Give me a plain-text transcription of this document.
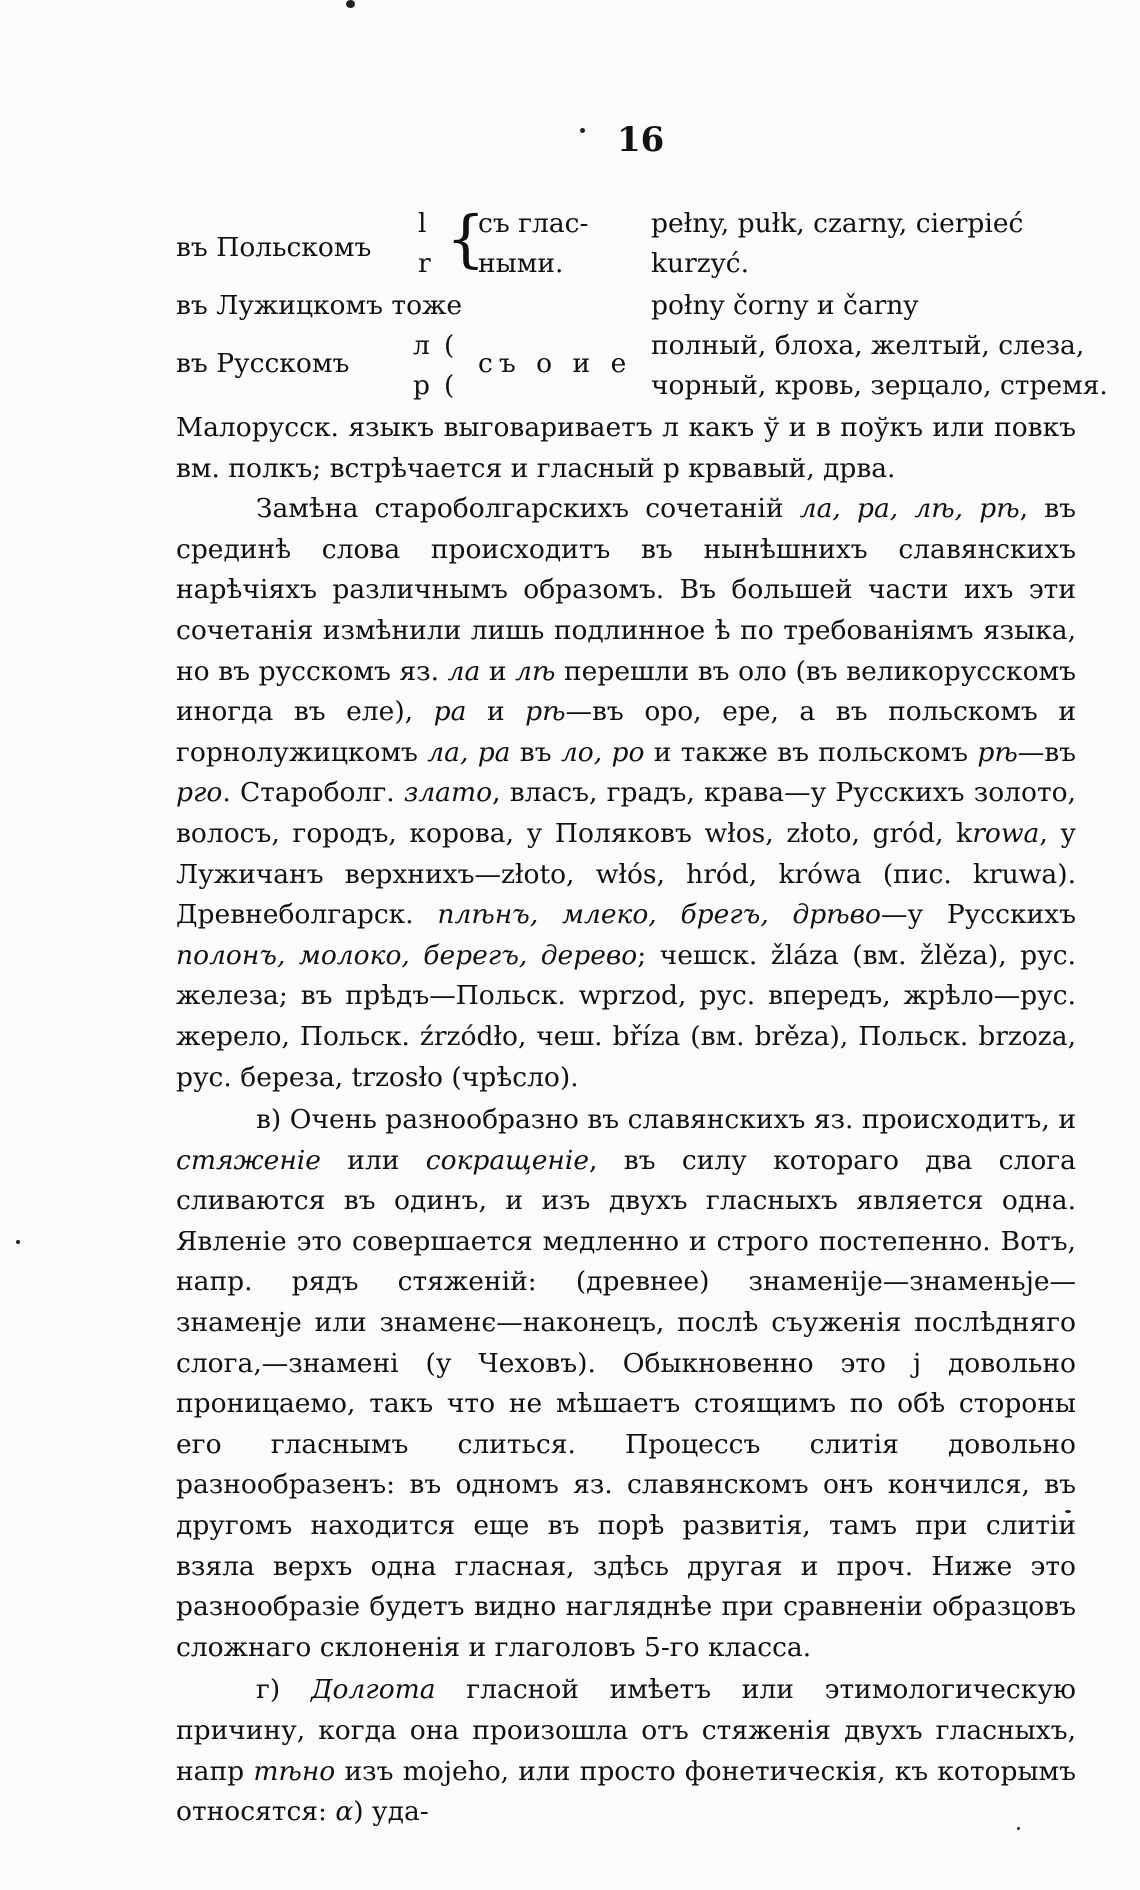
16
въ Польскомъ
l
r {
съ глас-
ными.
pełny, pułk, czarny, cierpieć
kurzyć.
въ Лужицкомъ тоже	połny čorny и čarny
въ Русскомъ
л
р
(
(
съ о и е
полный, блоха, желтый, слеза,
чорный, кровь, зерцало, стремя.

Малорусск. языкъ выговариваетъ л какъ ў и в поўкъ или повкъ вм. полкъ; встрѣчается и гласный р крвавый, дрва.

Замѣна староболгарскихъ сочетаній ла, ра, лѣ, рѣ, въ срединѣ слова происходитъ въ нынѣшнихъ славянскихъ нарѣчіяхъ различнымъ образомъ. Въ большей части ихъ эти сочетанія измѣнили лишь подлинное ѣ по требованіямъ языка, но въ русскомъ яз. ла и лѣ перешли въ оло (въ великорусскомъ иногда въ еле), ра и рѣ—въ оро, ере, а въ польскомъ и горнолужицкомъ ла, ра въ ло, ро и также въ польскомъ рѣ—въ рго. Староболг. злато, власъ, градъ, крава—у Русскихъ золото, волосъ, городъ, корова, у Поляковъ włos, złoto, gród, krowa, у Лужичанъ верхнихъ—złoto, włós, hród, krówa (пис. kruwa). Древнеболгарск. плѣнъ, млеко, брегъ, дрѣво—у Русскихъ полонъ, молоко, берегъ, дерево; чешск. žláza (вм. žlěza), рус. железа; въ прѣдъ—Польск. wprzod, рус. впередъ, жрѣло—рус. жерело, Польск. źrzódło, чеш. bříza (вм. brěza), Польск. brzoza, рус. береза, trzosło (чрѣсло).

в) Очень разнообразно въ славянскихъ яз. происходитъ, и стяженіе или сокращеніе, въ силу котораго два слога сливаются въ одинъ, и изъ двухъ гласныхъ является одна. Явленіе это совершается медленно и строго постепенно. Вотъ, напр. рядъ стяженій: (древнее) знаменіјe—знаменьје—знаменје или знаменє—наконецъ, послѣ съуженія послѣдняго слога,—знамені (у Чеховъ). Обыкновенно это ј довольно проницаемо, такъ что не мѣшаетъ стоящимъ по обѣ стороны его гласнымъ слиться. Процессъ слитія довольно разнообразенъ: въ одномъ яз. славянскомъ онъ кончился, въ другомъ находится еще въ порѣ развитія, тамъ при слитіи взяла верхъ одна гласная, здѣсь другая и проч. Ниже это разнообразіе будетъ видно нагляднѣе при сравненіи образцовъ сложнаго склоненія и глаголовъ 5-го класса.

г) Долгота гласной имѣетъ или этимологическую причину, когда она произошла отъ стяженія двухъ гласныхъ, напр тѣно изъ mojeho, или просто фонетическія, къ которымъ относятся: α) уда-
